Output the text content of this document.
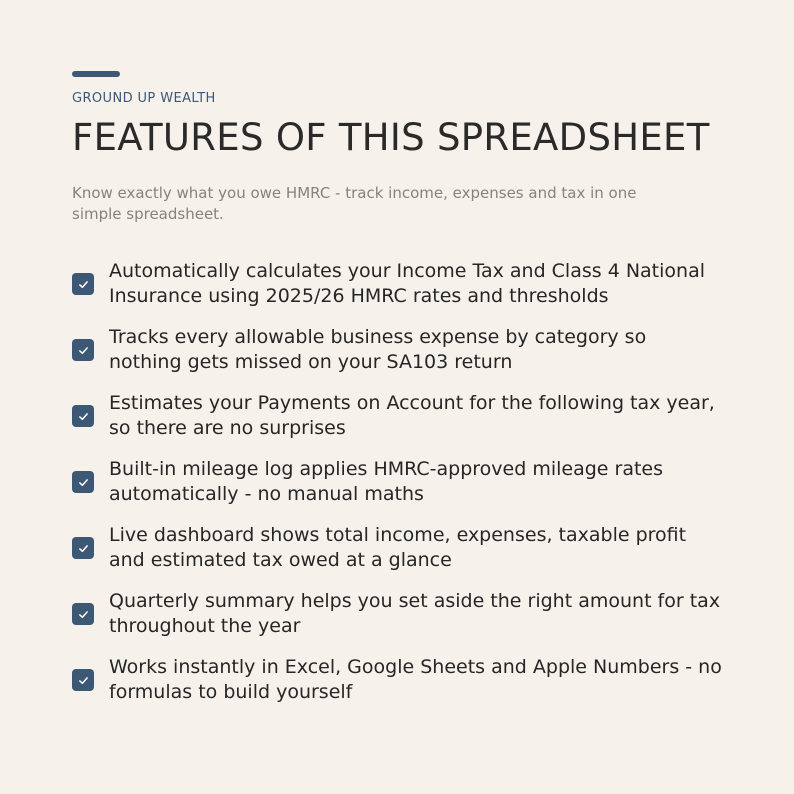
GROUND UP WEALTH
FEATURES OF THIS SPREADSHEET
Know exactly what you owe HMRC - track income, expenses and tax in one simple spreadsheet.
Automatically calculates your Income Tax and Class 4 National Insurance using 2025/26 HMRC rates and thresholds
Tracks every allowable business expense by category so nothing gets missed on your SA103 return
Estimates your Payments on Account for the following tax year, so there are no surprises
Built-in mileage log applies HMRC-approved mileage rates automatically - no manual maths
Live dashboard shows total income, expenses, taxable profit and estimated tax owed at a glance
Quarterly summary helps you set aside the right amount for tax throughout the year
Works instantly in Excel, Google Sheets and Apple Numbers - no formulas to build yourself
